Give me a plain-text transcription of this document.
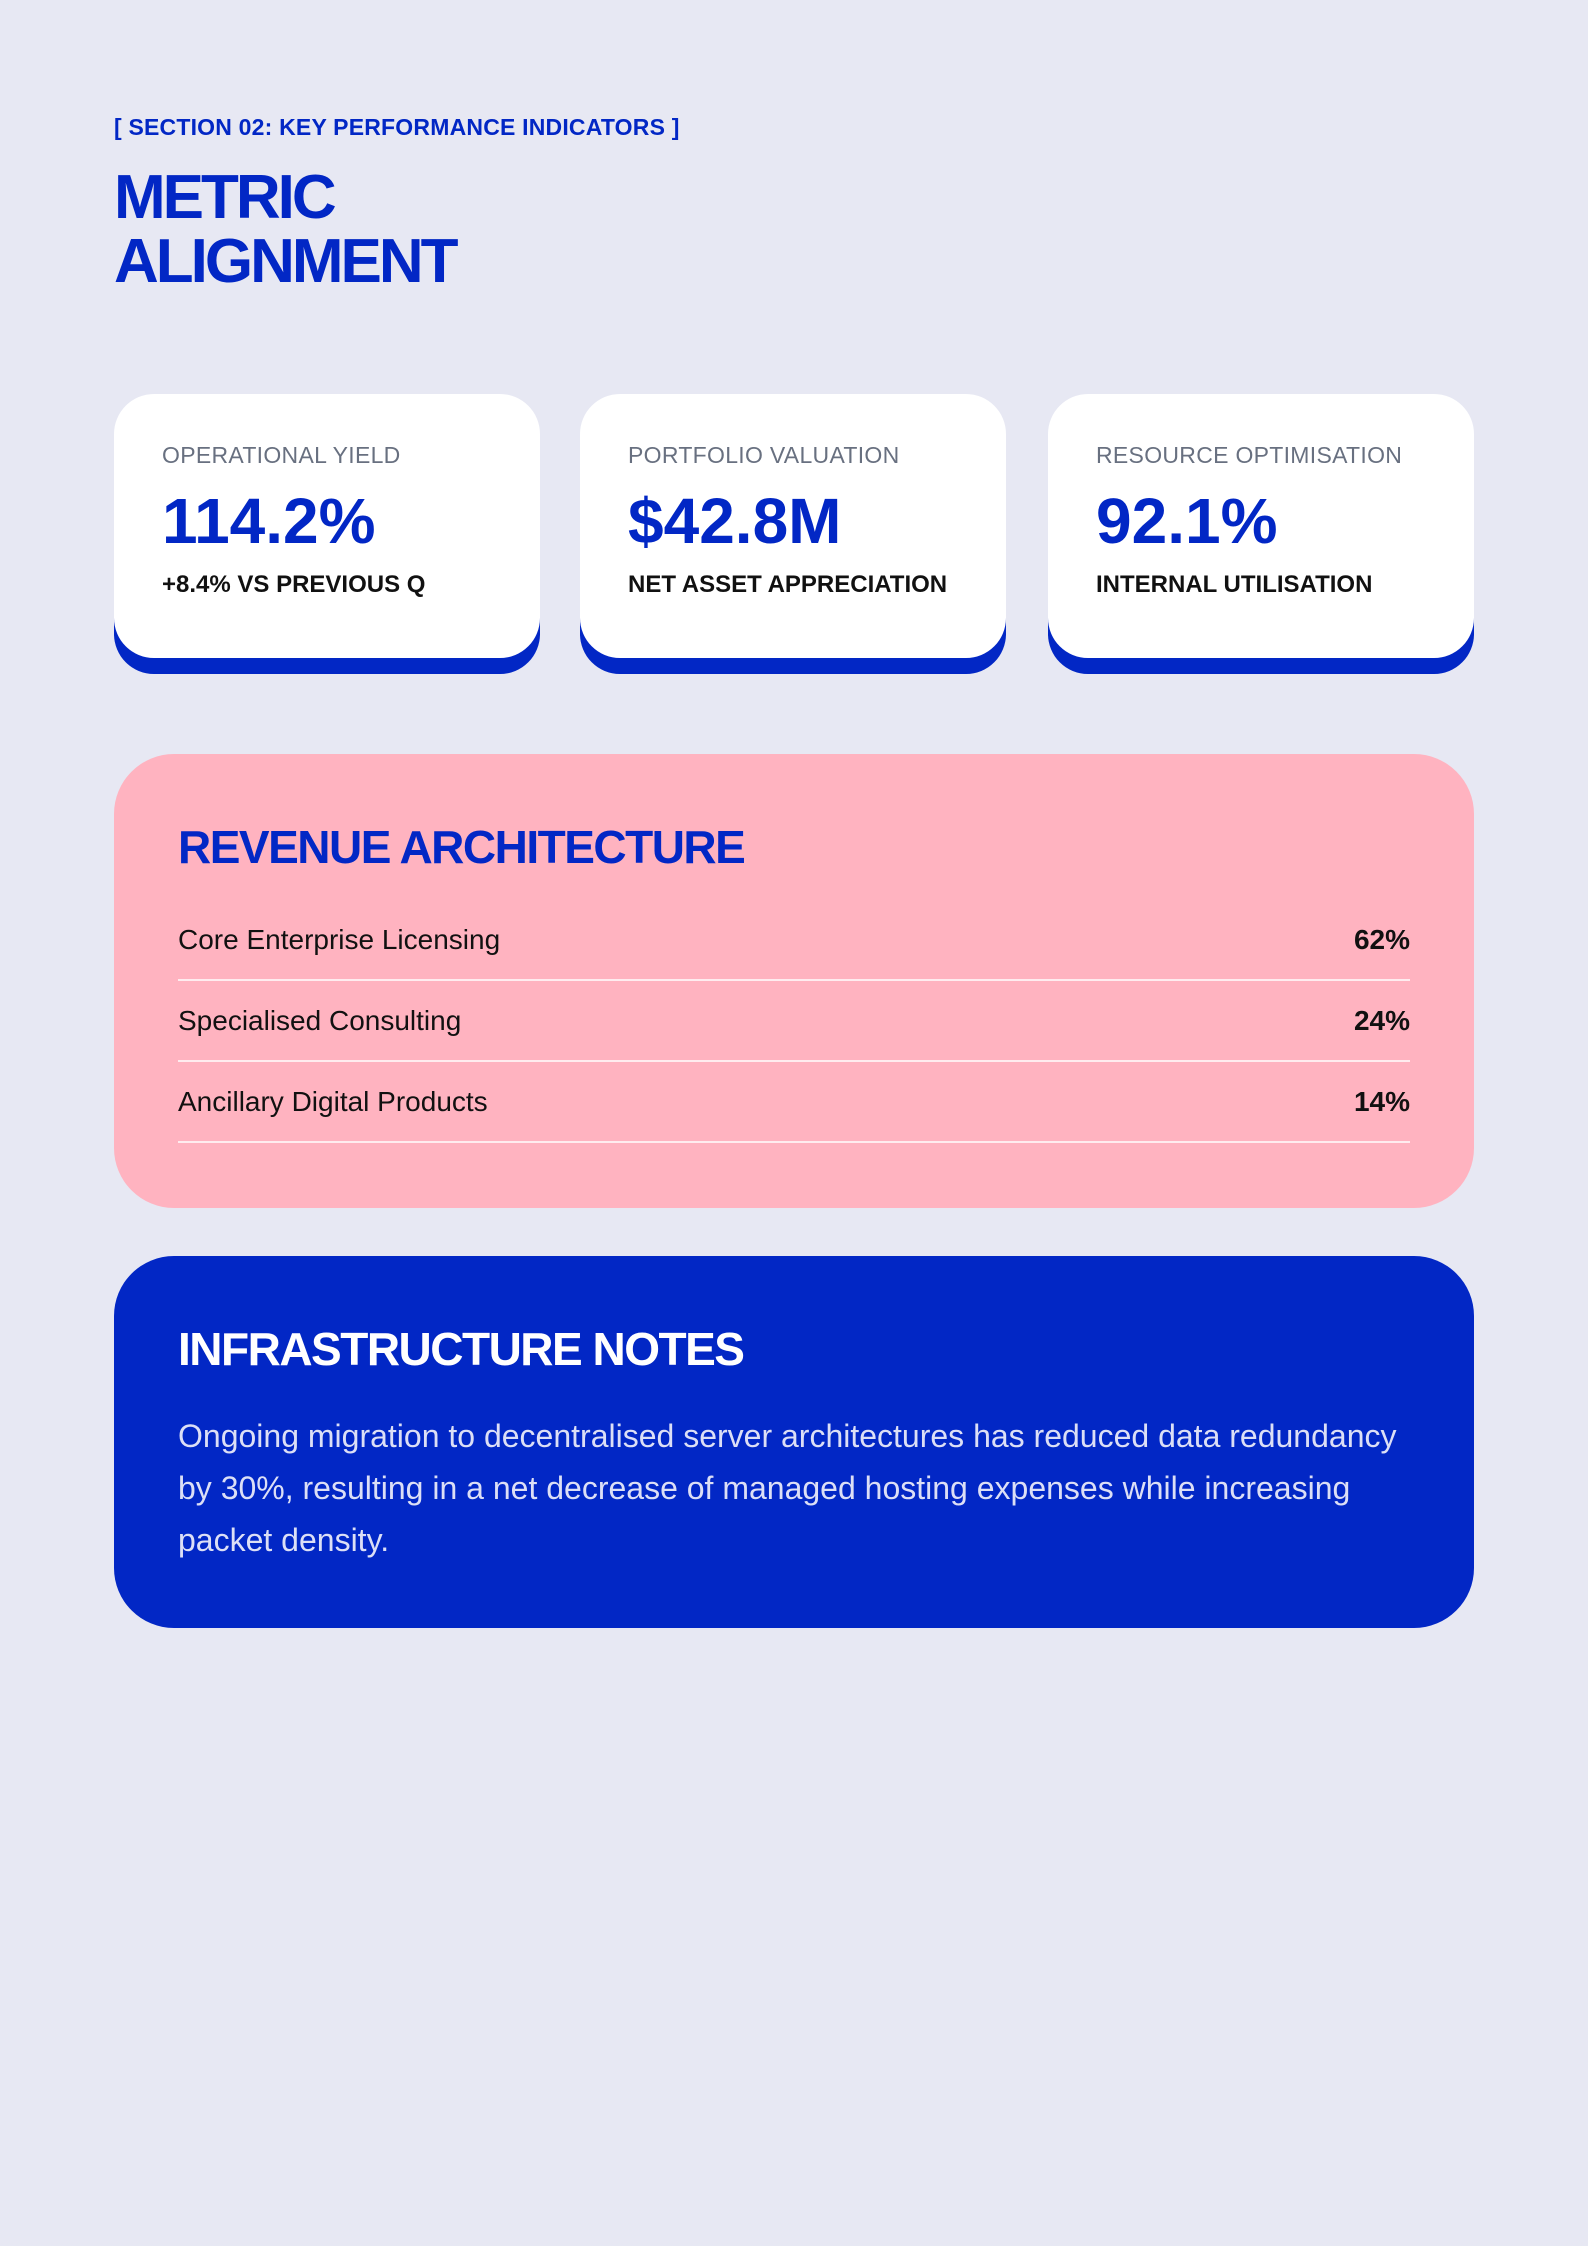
[ SECTION 02: KEY PERFORMANCE INDICATORS ]
METRIC
ALIGNMENT
OPERATIONAL YIELD
114.2%
+8.4% VS PREVIOUS Q
PORTFOLIO VALUATION
$42.8M
NET ASSET APPRECIATION
RESOURCE OPTIMISATION
92.1%
INTERNAL UTILISATION
REVENUE ARCHITECTURE
Core Enterprise Licensing	62%
Specialised Consulting	24%
Ancillary Digital Products	14%
INFRASTRUCTURE NOTES

Ongoing migration to decentralised server architectures has reduced data redundancy by 30%, resulting in a net decrease of managed hosting expenses while increasing packet density.
